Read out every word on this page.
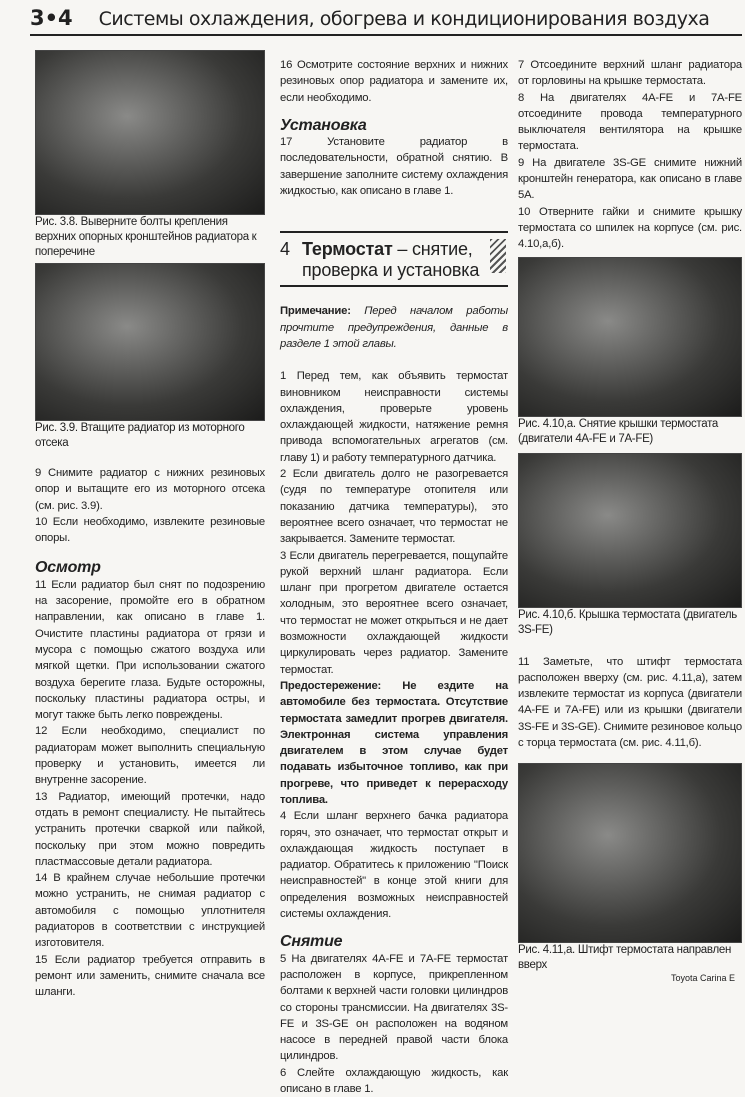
3•4 Системы охлаждения, обогрева и кондиционирования воздуха

Рис. 3.8. Выверните болты крепления верхних опорных кронштейнов радиатора к поперечине

Рис. 3.9. Втащите радиатор из моторного отсека

9 Снимите радиатор с нижних резиновых опор и вытащите его из моторного отсека (см. рис. 3.9).

10 Если необходимо, извлеките резиновые опоры.

Осмотр

11 Если радиатор был снят по подозрению на засорение, промойте его в обратном направлении, как описано в главе 1. Очистите пластины радиатора от грязи и мусора с помощью сжатого воздуха или мягкой щетки. При использовании сжатого воздуха берегите глаза. Будьте осторожны, поскольку пластины радиатора остры, и могут также быть легко повреждены.

12 Если необходимо, специалист по радиаторам может выполнить специальную проверку и установить, имеется ли внутренне засорение.

13 Радиатор, имеющий протечки, надо отдать в ремонт специалисту. Не пытайтесь устранить протечки сваркой или пайкой, поскольку при этом можно повредить пластмассовые детали радиатора.

14 В крайнем случае небольшие протечки можно устранить, не снимая радиатор с автомобиля с помощью уплотнителя радиаторов в соответствии с инструкцией изготовителя.

15 Если радиатор требуется отправить в ремонт или заменить, снимите сначала все шланги.

16 Осмотрите состояние верхних и нижних резиновых опор радиатора и замените их, если необходимо.

Установка

17 Установите радиатор в последовательности, обратной снятию. В завершение заполните систему охлаждения жидкостью, как описано в главе 1.

4 Термостат – снятие,
проверка и установка

Примечание: Перед началом работы прочтите предупреждения, данные в разделе 1 этой главы.

1 Перед тем, как объявить термостат виновником неисправности системы охлаждения, проверьте уровень охлаждающей жидкости, натяжение ремня привода вспомогательных агрегатов (см. главу 1) и работу температурного датчика.

2 Если двигатель долго не разогревается (судя по температуре отопителя или показанию датчика температуры), это вероятнее всего означает, что термостат не закрывается. Замените термостат.

3 Если двигатель перегревается, пощупайте рукой верхний шланг радиатора. Если шланг при прогретом двигателе остается холодным, это вероятнее всего означает, что термостат не может открыться и не дает возможности охлаждающей жидкости циркулировать через радиатор. Замените термостат.

Предостережение: Не ездите на автомобиле без термостата. Отсутствие термостата замедлит прогрев двигателя. Электронная система управления двигателем в этом случае будет подавать избыточное топливо, как при прогреве, что приведет к перерасходу топлива.

4 Если шланг верхнего бачка радиатора горяч, это означает, что термостат открыт и охлаждающая жидкость поступает в радиатор. Обратитесь к приложению "Поиск неисправностей" в конце этой книги для определения возможных неисправностей системы охлаждения.

Снятие

5 На двигателях 4A-FE и 7A-FE термостат расположен в корпусе, прикрепленном болтами к верхней части головки цилиндров со стороны трансмиссии. На двигателях 3S-FE и 3S-GE он расположен на водяном насосе в передней правой части блока цилиндров.

6 Слейте охлаждающую жидкость, как описано в главе 1.

7 Отсоедините верхний шланг радиатора от горловины на крышке термостата.

8 На двигателях 4A-FE и 7A-FE отсоедините провода температурного выключателя вентилятора на крышке термостата.

9 На двигателе 3S-GE снимите нижний кронштейн генератора, как описано в главе 5А.

10 Отверните гайки и снимите крышку термостата со шпилек на корпусе (см. рис. 4.10,а,б).

Рис. 4.10,а. Снятие крышки термостата (двигатели 4A-FE и 7A-FE)

Рис. 4.10,б. Крышка термостата (двигатель 3S-FE)

11 Заметьте, что штифт термостата расположен вверху (см. рис. 4.11,а), затем извлеките термостат из корпуса (двигатели 4A-FE и 7A-FE) или из крышки (двигатели 3S-FE и 3S-GE). Снимите резиновое кольцо с торца термостата (см. рис. 4.11,б).

Рис. 4.11,а. Штифт термостата направлен вверх

Toyota Carina E
